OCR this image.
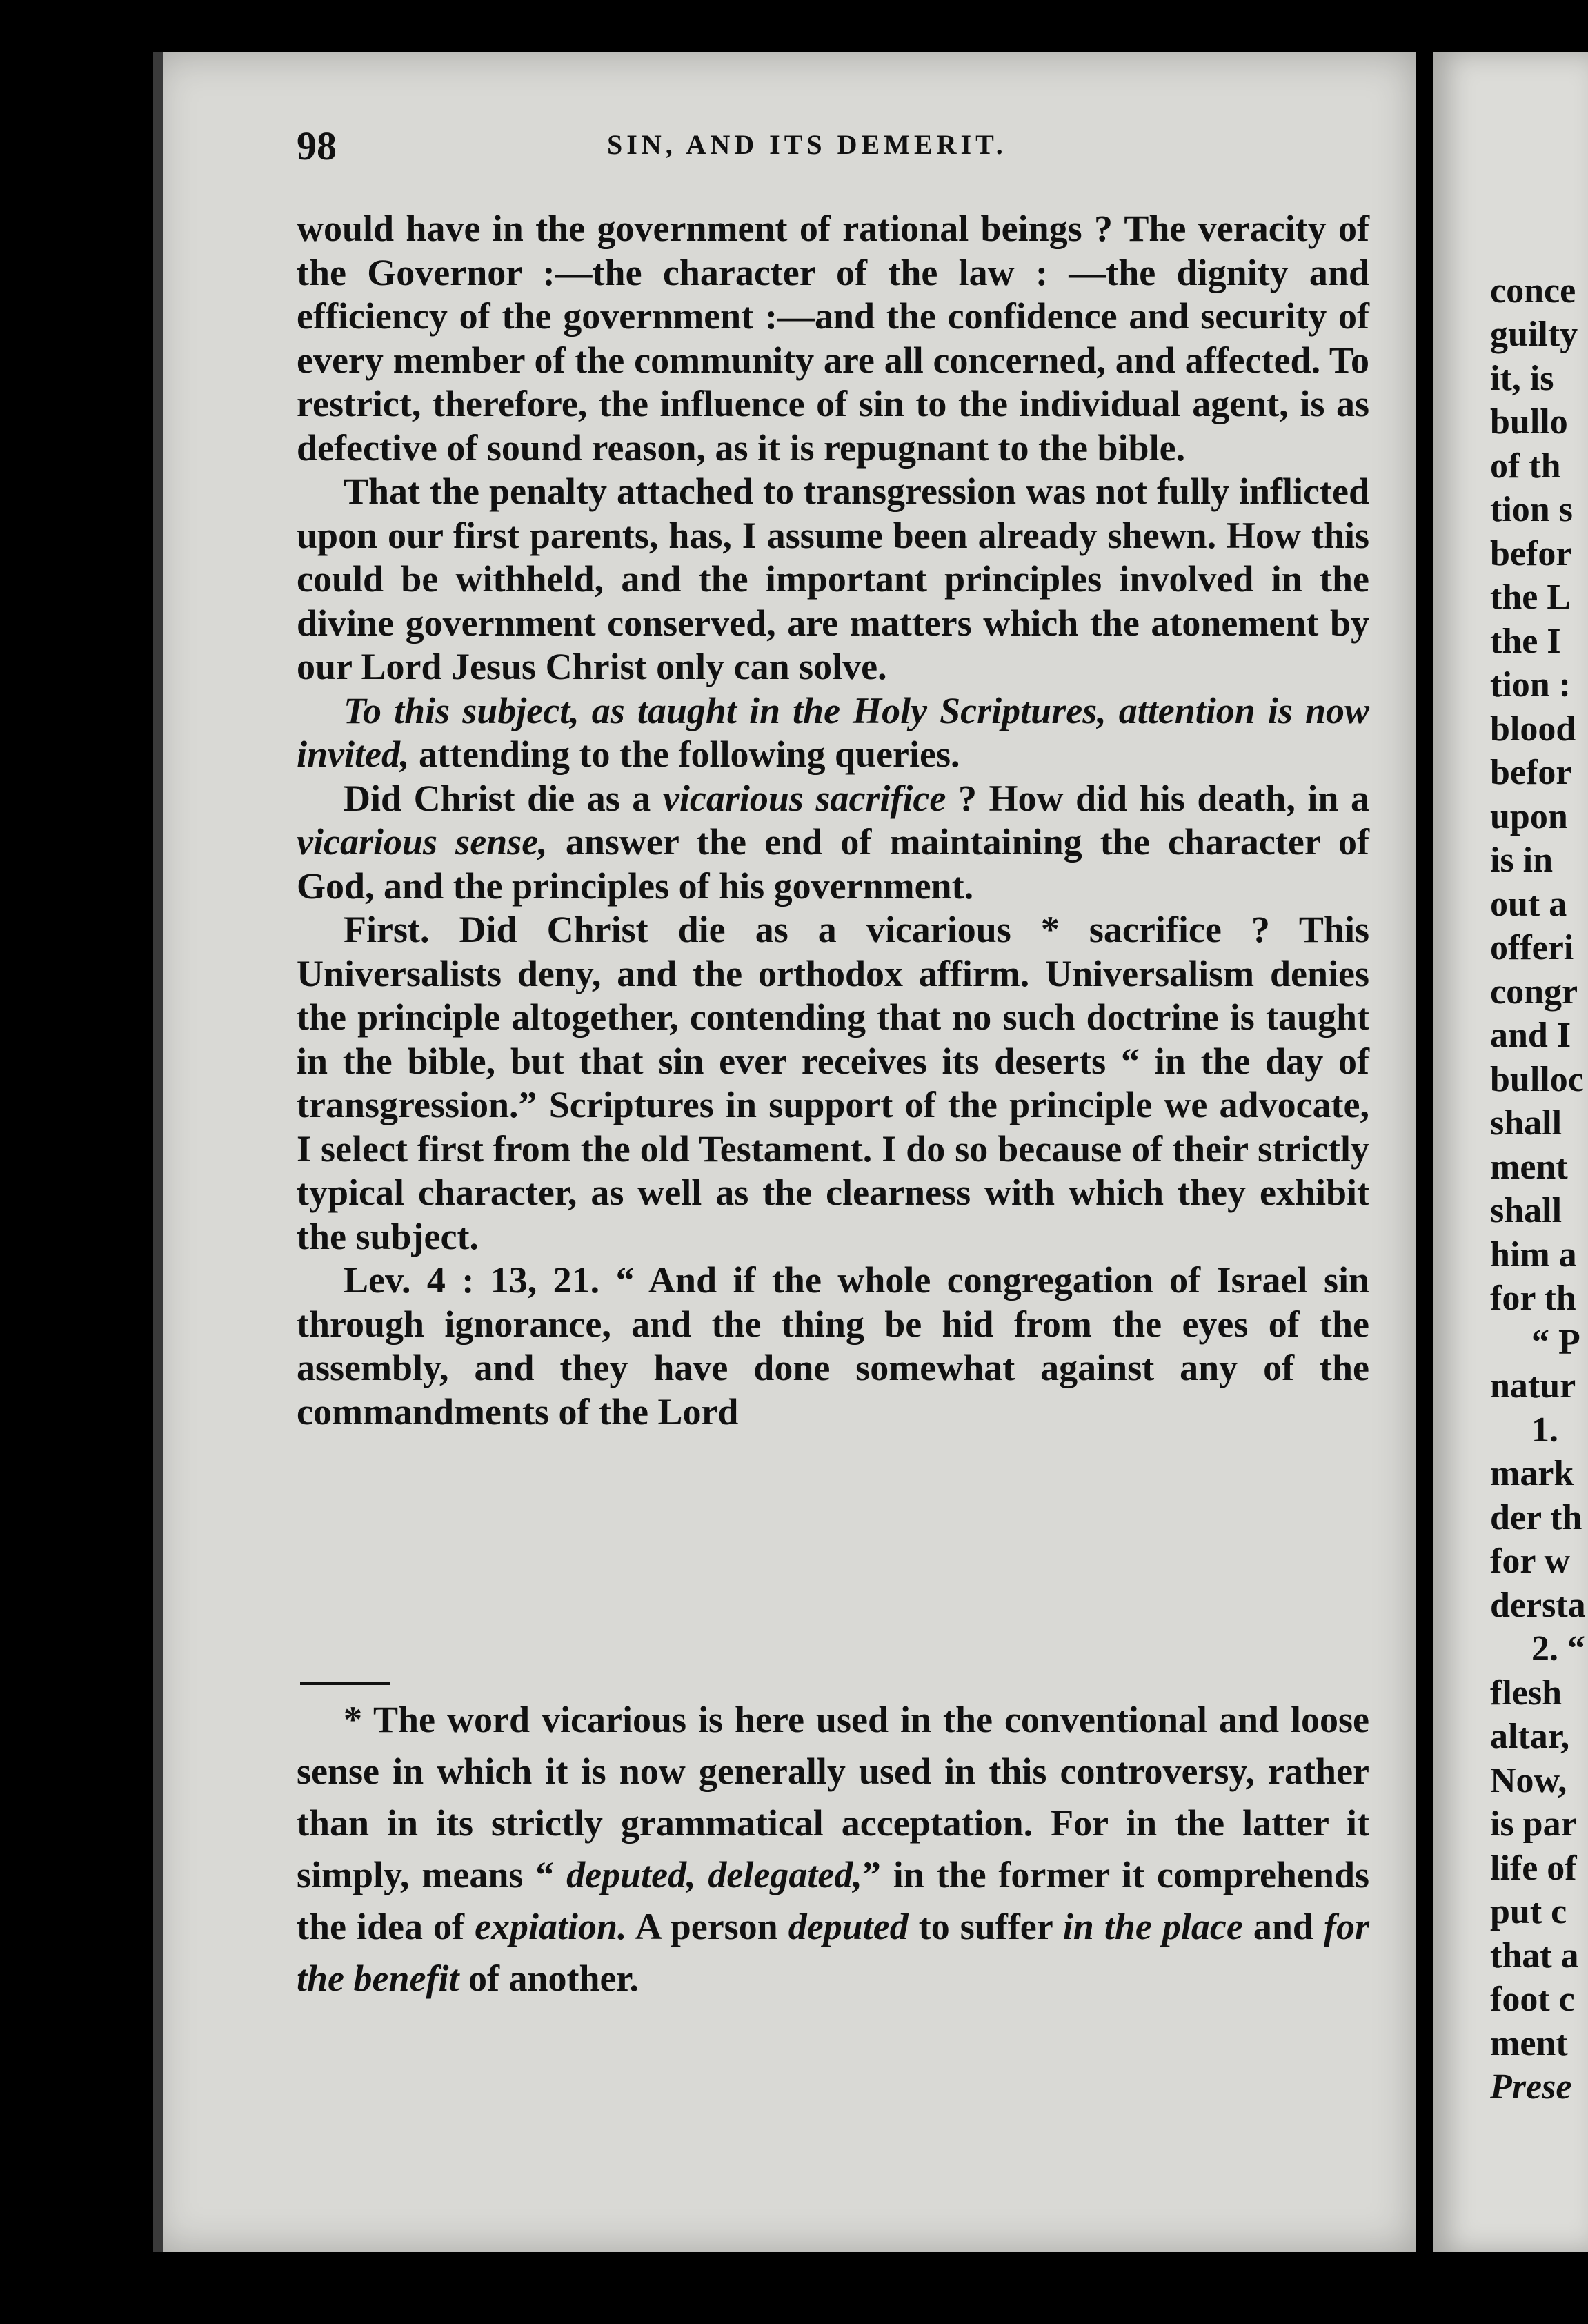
conce
guilty
it, is
bullo
of th
tion s
befor
the L
the I
tion :
blood
befor
upon
is in
out a
offeri
congr
and I
bulloc
shall
ment
shall
him a
for th
“ P
natur
1.
mark
der th
for w
dersta
2. “
flesh
altar,
Now,
is par
life of
put c
that a
foot c
ment
Prese
98	SIN, AND ITS DEMERIT.

would have in the government of rational beings ? The veracity of the Governor :—the character of the law : —the dignity and efficiency of the government :—and the confidence and security of every member of the community are all concerned, and affected. To restrict, therefore, the influence of sin to the individual agent, is as defective of sound reason, as it is repugnant to the bible.

That the penalty attached to transgression was not fully inflicted upon our first parents, has, I assume been already shewn. How this could be withheld, and the important principles involved in the divine government conserved, are matters which the atonement by our Lord Jesus Christ only can solve.

To this subject, as taught in the Holy Scriptures, attention is now invited, attending to the following queries.

Did Christ die as a vicarious sacrifice ? How did his death, in a vicarious sense, answer the end of maintaining the character of God, and the principles of his government.

First. Did Christ die as a vicarious * sacrifice ? This Universalists deny, and the orthodox affirm. Universalism denies the principle altogether, contending that no such doctrine is taught in the bible, but that sin ever receives its deserts “ in the day of transgression.” Scriptures in support of the principle we advocate, I select first from the old Testament. I do so because of their strictly typical character, as well as the clearness with which they exhibit the subject.

Lev. 4 : 13, 21. “ And if the whole congregation of Israel sin through ignorance, and the thing be hid from the eyes of the assembly, and they have done somewhat against any of the commandments of the Lord

* The word vicarious is here used in the conventional and loose sense in which it is now generally used in this controversy, rather than in its strictly grammatical acceptation. For in the latter it simply, means “ deputed, delegated,” in the former it comprehends the idea of expiation. A person deputed to suffer in the place and for the benefit of another.
